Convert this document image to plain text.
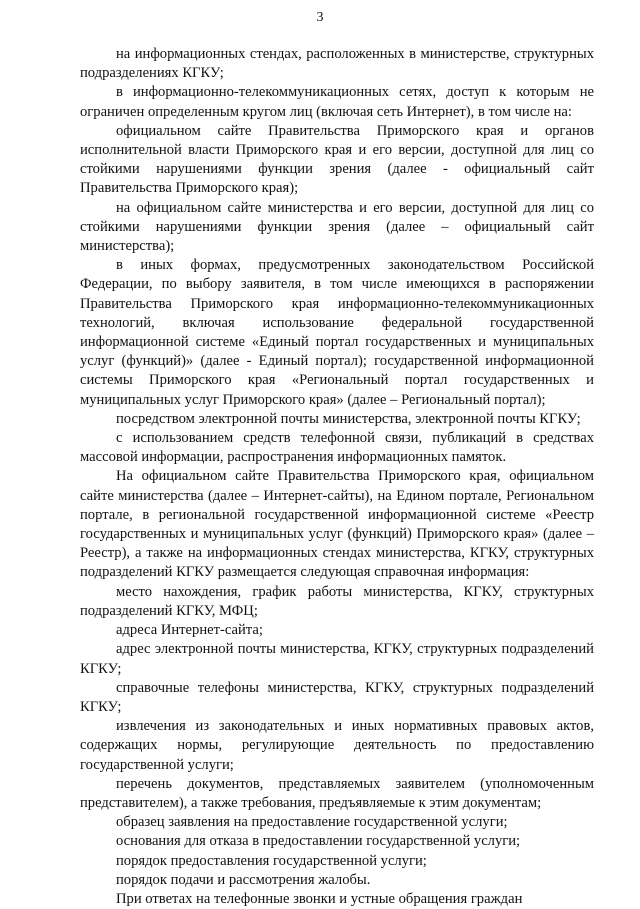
3

на информационных стендах, расположенных в министерстве, структурных подразделениях КГКУ;

в информационно-телекоммуникационных сетях, доступ к которым не ограничен определенным кругом лиц (включая сеть Интернет), в том числе на:

официальном сайте Правительства Приморского края и органов исполнительной власти Приморского края и его версии, доступной для лиц со стойкими нарушениями функции зрения (далее - официальный сайт Правительства Приморского края);

на официальном сайте министерства и его версии, доступной для лиц со стойкими нарушениями функции зрения (далее – официальный сайт министерства);

в иных формах, предусмотренных законодательством Российской Федерации, по выбору заявителя, в том числе имеющихся в распоряжении Правительства Приморского края информационно-телекоммуникационных технологий, включая использование федеральной государственной информационной системе «Единый портал государственных и муниципальных услуг (функций)» (далее - Единый портал); государственной информационной системы Приморского края «Региональный портал государственных и муниципальных услуг Приморского края» (далее – Региональный портал);

посредством электронной почты министерства, электронной почты КГКУ;

с использованием средств телефонной связи, публикаций в средствах массовой информации, распространения информационных памяток.

На официальном сайте Правительства Приморского края, официальном сайте министерства (далее – Интернет-сайты), на Едином портале, Региональном портале, в региональной государственной информационной системе «Реестр государственных и муниципальных услуг (функций) Приморского края» (далее – Реестр), а также на информационных стендах министерства, КГКУ, структурных подразделений КГКУ размещается следующая справочная информация:

место нахождения, график работы министерства, КГКУ, структурных подразделений КГКУ, МФЦ;

адреса Интернет-сайта;

адрес электронной почты министерства, КГКУ, структурных подразделений КГКУ;

справочные телефоны министерства, КГКУ, структурных подразделений КГКУ;

извлечения из законодательных и иных нормативных правовых актов, содержащих нормы, регулирующие деятельность по предоставлению государственной услуги;

перечень документов, представляемых заявителем (уполномоченным представителем), а также требования, предъявляемые к этим документам;

образец заявления на предоставление государственной услуги;

основания для отказа в предоставлении государственной услуги;

порядок предоставления государственной услуги;

порядок подачи и рассмотрения жалобы.

При ответах на телефонные звонки и устные обращения граждан
